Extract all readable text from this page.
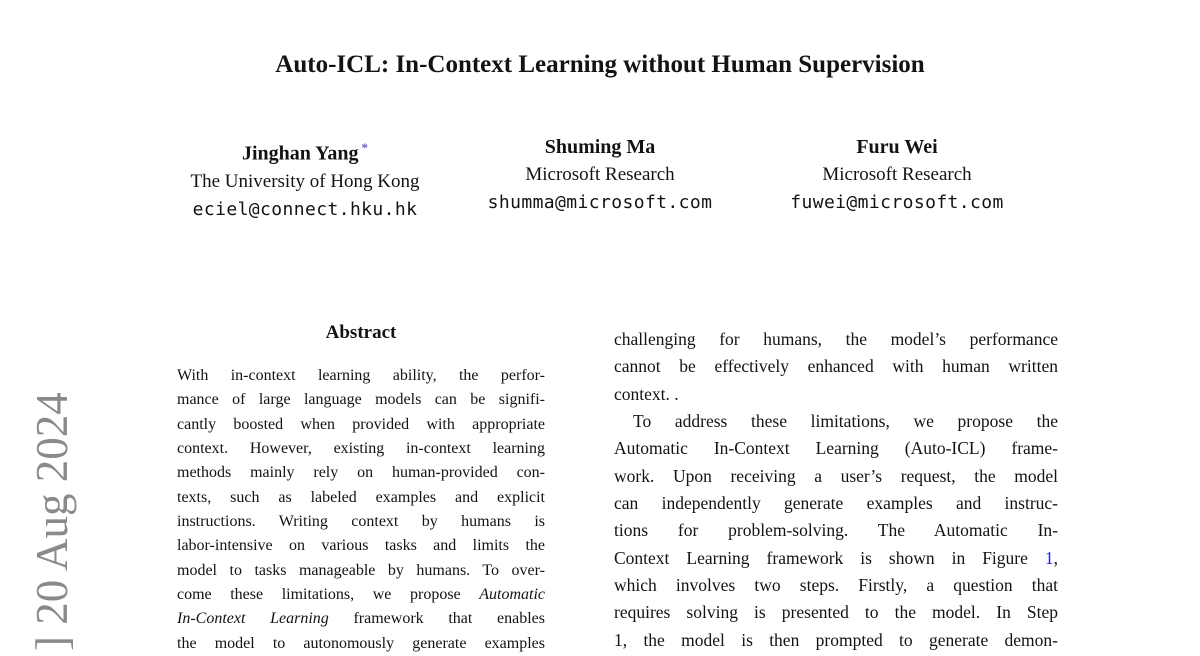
] 20 Aug 2024
Auto-ICL: In-Context Learning without Human Supervision
Jinghan Yang *
The University of Hong Kong
eciel@connect.hku.hk
Shuming Ma
Microsoft Research
shumma@microsoft.com
Furu Wei
Microsoft Research
fuwei@microsoft.com
Abstract
With in-context learning ability, the perfor-
mance of large language models can be signifi-
cantly boosted when provided with appropriate
context. However, existing in-context learning
methods mainly rely on human-provided con-
texts, such as labeled examples and explicit
instructions. Writing context by humans is
labor-intensive on various tasks and limits the
model to tasks manageable by humans. To over-
come these limitations, we propose Automatic
In-Context Learning framework that enables
the model to autonomously generate examples
challenging for humans, the model’s performance
cannot be effectively enhanced with human written
context. .
To address these limitations, we propose the
Automatic In-Context Learning (Auto-ICL) frame-
work. Upon receiving a user’s request, the model
can independently generate examples and instruc-
tions for problem-solving. The Automatic In-
Context Learning framework is shown in Figure 1,
which involves two steps. Firstly, a question that
requires solving is presented to the model. In Step
1, the model is then prompted to generate demon-
